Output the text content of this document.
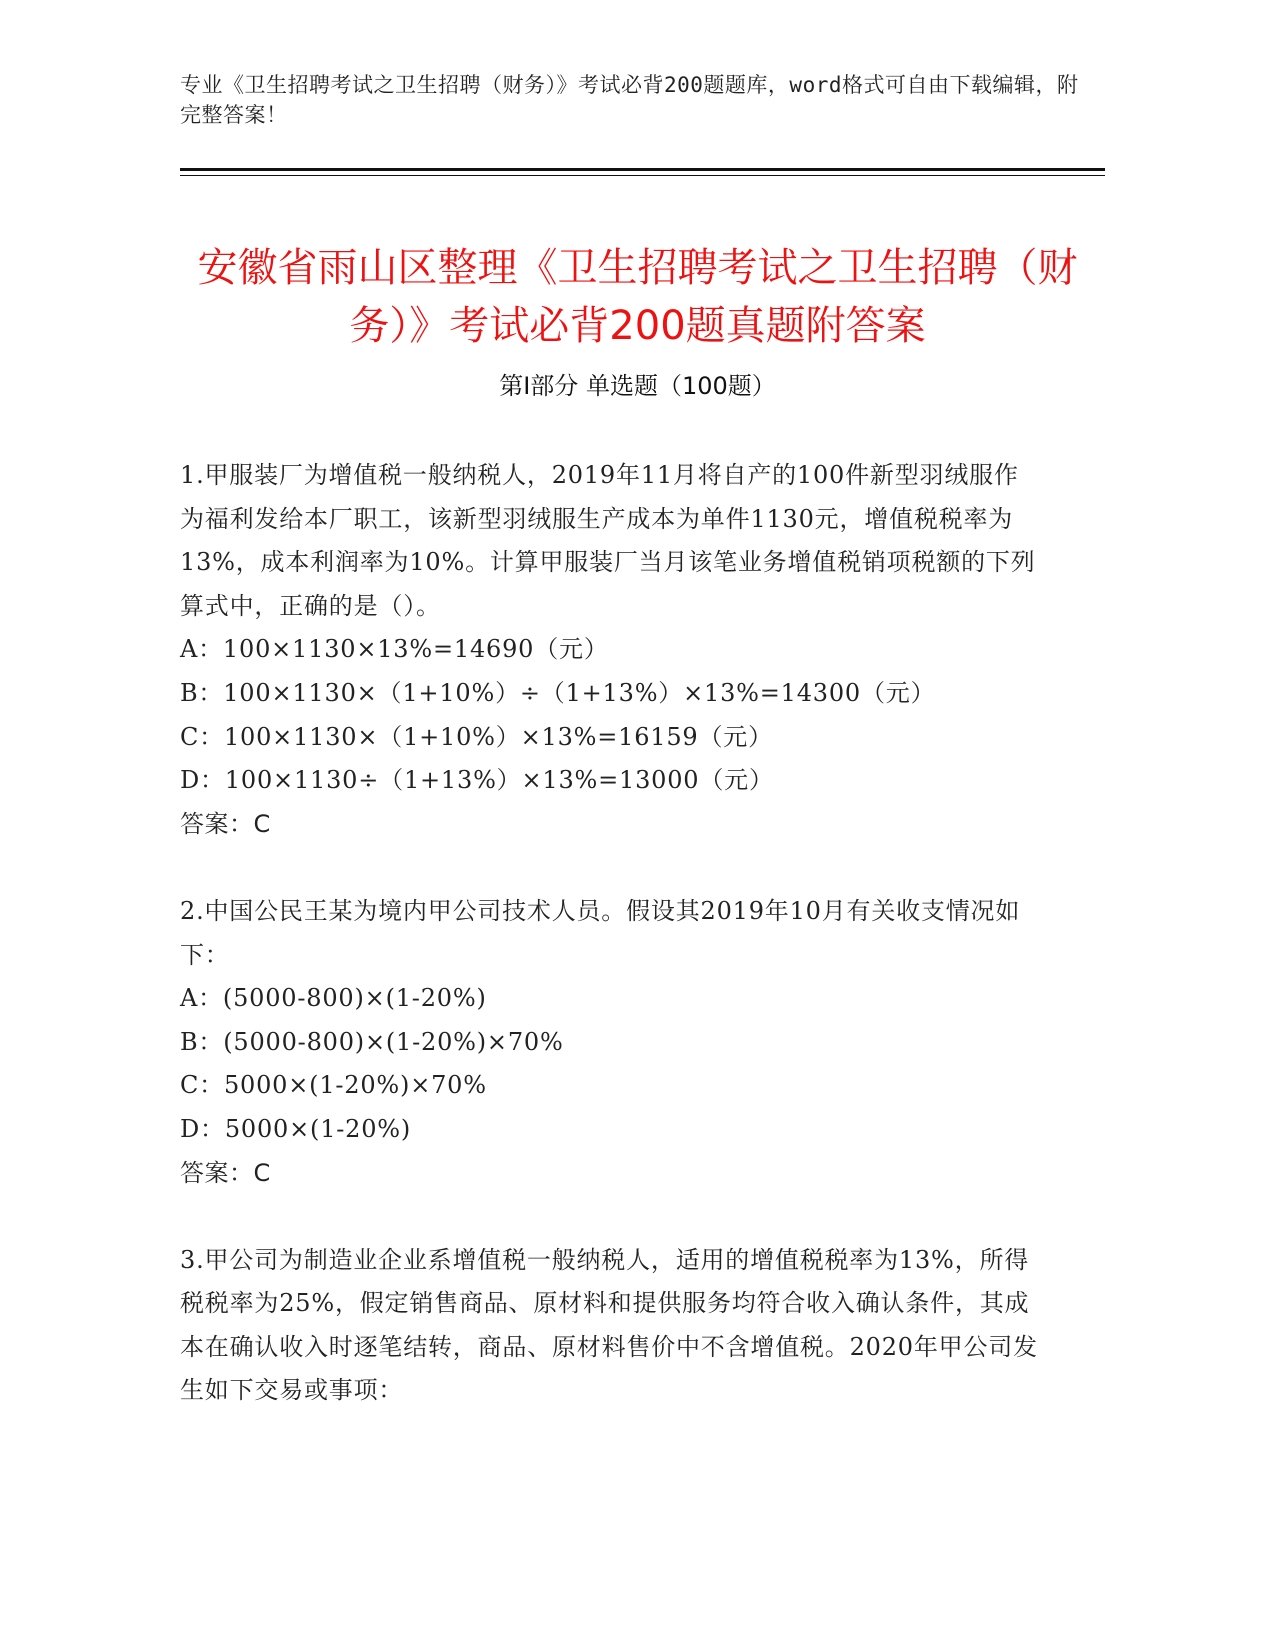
专业《卫生招聘考试之卫生招聘（财务）》考试必背200题题库，word格式可自由下载编辑，附完整答案！
安徽省雨山区整理《卫生招聘考试之卫生招聘（财务）》考试必背200题真题附答案
第Ⅰ部分 单选题（100题）
1.甲服装厂为增值税一般纳税人，2019年11月将自产的100件新型羽绒服作为福利发给本厂职工，该新型羽绒服生产成本为单件1130元，增值税税率为13%，成本利润率为10%。计算甲服装厂当月该笔业务增值税销项税额的下列算式中，正确的是（）。
A：100×1130×13%=14690（元）
B：100×1130×（1+10%）÷（1+13%）×13%=14300（元）
C：100×1130×（1+10%）×13%=16159（元）
D：100×1130÷（1+13%）×13%=13000（元）
答案：C
2.中国公民王某为境内甲公司技术人员。假设其2019年10月有关收支情况如下：
A：(5000-800)×(1-20%)
B：(5000-800)×(1-20%)×70%
C：5000×(1-20%)×70%
D：5000×(1-20%)
答案：C
3.甲公司为制造业企业系增值税一般纳税人，适用的增值税税率为13%，所得税税率为25%，假定销售商品、原材料和提供服务均符合收入确认条件，其成本在确认收入时逐笔结转，商品、原材料售价中不含增值税。2020年甲公司发生如下交易或事项：
